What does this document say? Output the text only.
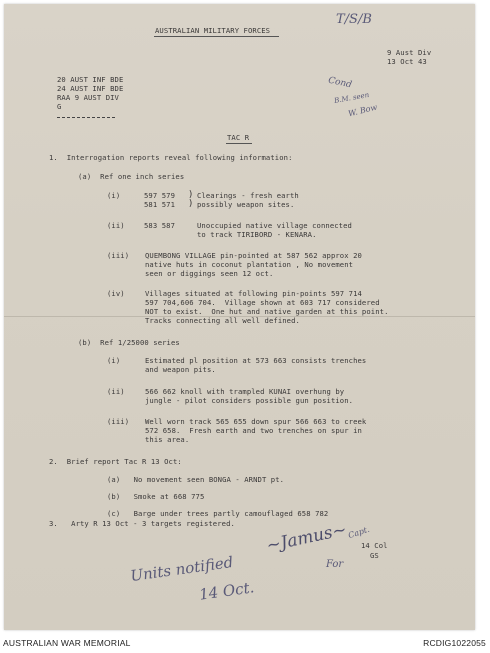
T/S/B
Cond
B.M. seen
W. Bow
AUSTRALIAN MILITARY FORCES
9 Aust Div
13 Oct 43
20 AUST INF BDE
24 AUST INF BDE
RAA 9 AUST DIV
G
TAC R
1.  Interrogation reports reveal following information:
(a)  Ref one inch series
(i)	597 579
581 571
)
)
Clearings - fresh earth
possibly weapon sites.
(ii)	583 587	Unoccupied native village connected
to track TIRIBORD - KENARA.
(iii) QUEMBONG VILLAGE pin-pointed at 587 562 approx 20
native huts in coconut plantation , No movement
seen or diggings seen 12 oct.
(iv)	Villages situated at following pin-points 597 714
597 704,606 704.  Village shown at 603 717 considered
NOT to exist.  One hut and native garden at this point.
Tracks connecting all well defined.
(b)  Ref 1/25000 series
(i)	Estimated pl position at 573 663 consists trenches
and weapon pits.
(ii)	566 662 knoll with trampled KUNAI overhung by
jungle - pilot considers possible gun position.
(iii) Well worn track 565 655 down spur 566 663 to creek
572 658.  Fresh earth and two trenches on spur in
this area.
2.  Brief report Tac R 13 Oct:
(a)   No movement seen BONGA - ARNDT pt.
(b)   Smoke at 668 775
(c)   Barge under trees partly camouflaged 658 782
3.   Arty R 13 Oct - 3 targets registered. ~Jamus~
Capt.
For
14 Col
GS
Units notified
14 Oct.
AUSTRALIAN WAR MEMORIAL	RCDIG1022055
